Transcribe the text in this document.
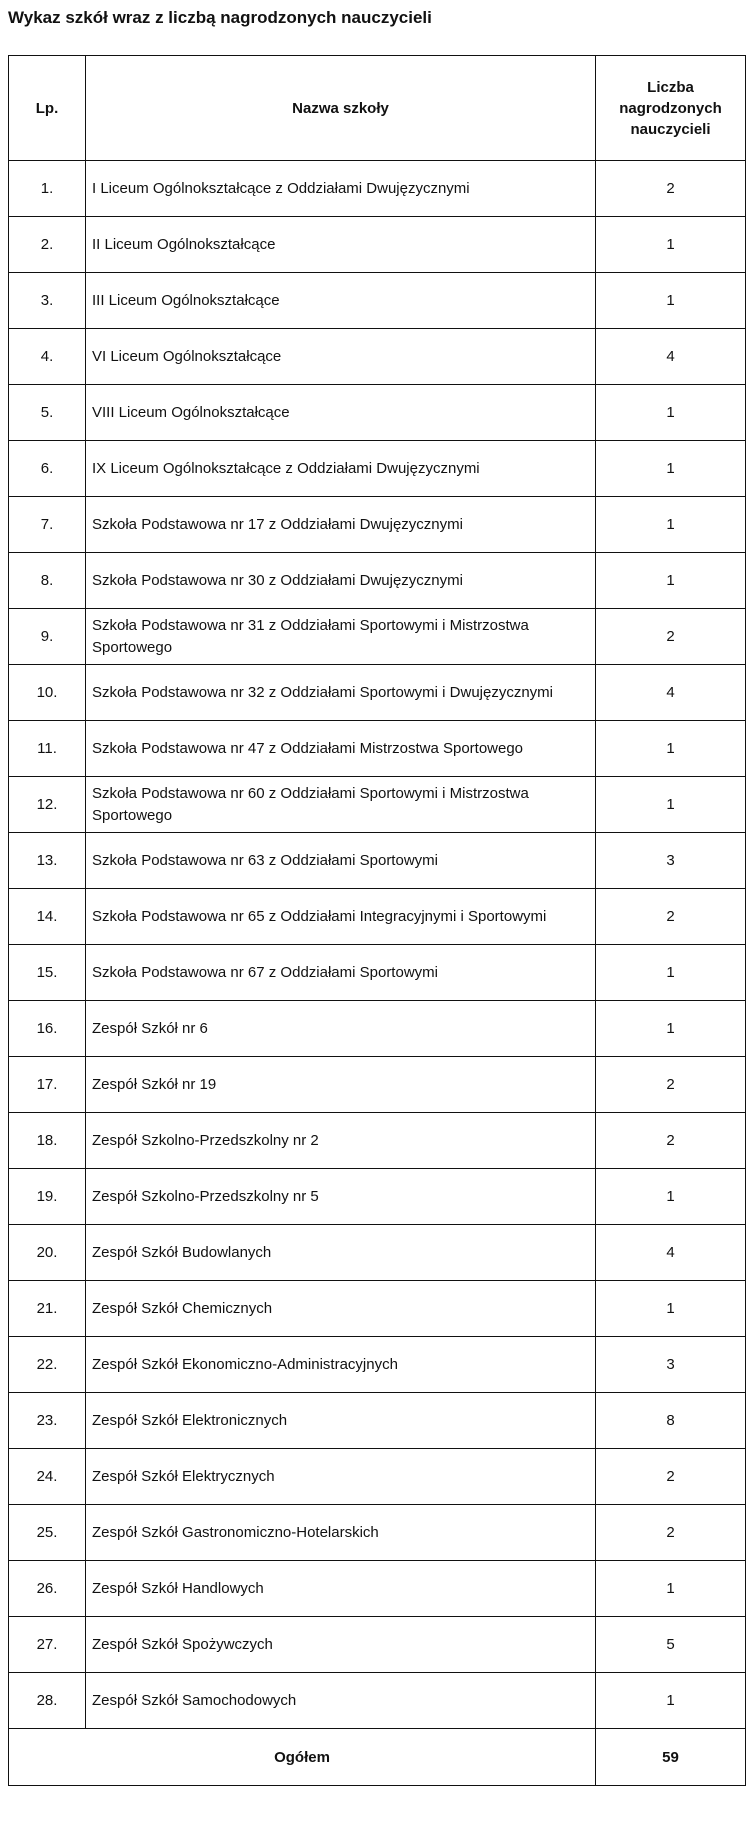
Wykaz szkół wraz z liczbą nagrodzonych nauczycieli
Lp.	Nazwa szkoły	Liczba
nagrodzonych
nauczycieli

1.	I Liceum Ogólnokształcące z Oddziałami Dwujęzycznymi	2
2.	II Liceum Ogólnokształcące	1
3.	III Liceum Ogólnokształcące	1
4.	VI Liceum Ogólnokształcące	4
5.	VIII Liceum Ogólnokształcące	1
6.	IX Liceum Ogólnokształcące z Oddziałami Dwujęzycznymi	1
7.	Szkoła Podstawowa nr 17 z Oddziałami Dwujęzycznymi	1
8.	Szkoła Podstawowa nr 30 z Oddziałami Dwujęzycznymi	1
9.	Szkoła Podstawowa nr 31 z Oddziałami Sportowymi i Mistrzostwa Sportowego	2
10.	Szkoła Podstawowa nr 32 z Oddziałami Sportowymi i Dwujęzycznymi	4
11.	Szkoła Podstawowa nr 47 z Oddziałami Mistrzostwa Sportowego	1
12.	Szkoła Podstawowa nr 60 z Oddziałami Sportowymi i Mistrzostwa Sportowego	1
13.	Szkoła Podstawowa nr 63 z Oddziałami Sportowymi	3
14.	Szkoła Podstawowa nr 65 z Oddziałami Integracyjnymi i Sportowymi	2
15.	Szkoła Podstawowa nr 67 z Oddziałami Sportowymi	1
16.	Zespół Szkół nr 6	1
17.	Zespół Szkół nr 19	2
18.	Zespół Szkolno-Przedszkolny nr 2	2
19.	Zespół Szkolno-Przedszkolny nr 5	1
20.	Zespół Szkół Budowlanych	4
21.	Zespół Szkół Chemicznych	1
22.	Zespół Szkół Ekonomiczno-Administracyjnych	3
23.	Zespół Szkół Elektronicznych	8
24.	Zespół Szkół Elektrycznych	2
25.	Zespół Szkół Gastronomiczno-Hotelarskich	2
26.	Zespół Szkół Handlowych	1
27.	Zespół Szkół Spożywczych	5
28.	Zespół Szkół Samochodowych	1
Ogółem		59
